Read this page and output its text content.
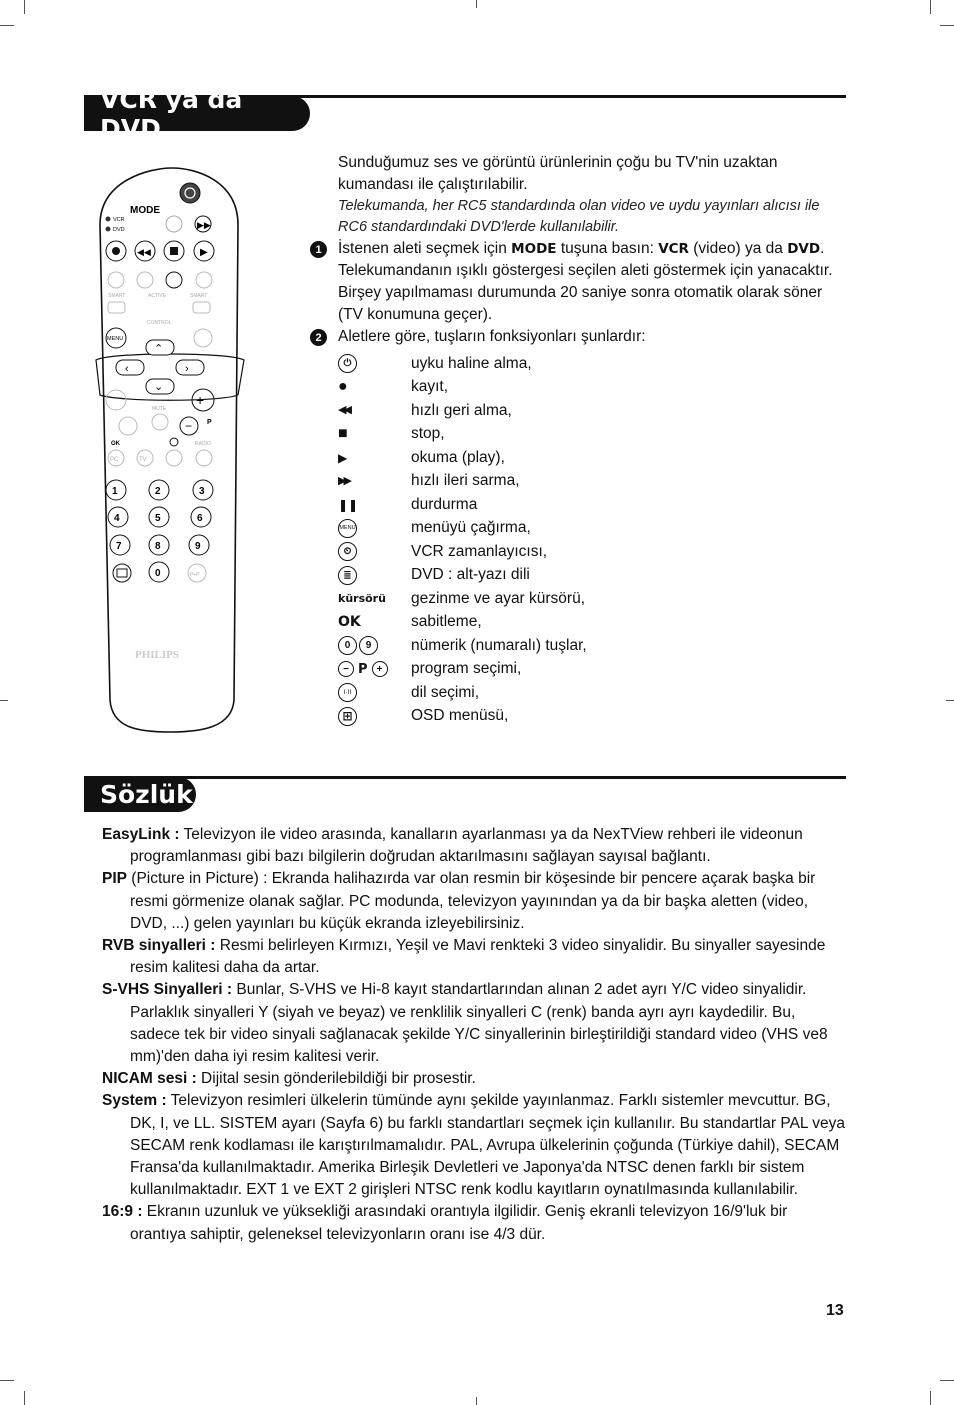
VCR ya da DVD
MODE
VCR
DVD	▶▶
◀◀	▶
SMART	ACTIVE	SMART
CONTROL
MENU
⌃
‹	›
⌄
+
MUTE
− P
OK	RADIO
PC	TV
1	2	3
4	5	6
7	8	9
0	P+P
PHILIPS

Sunduğumuz ses ve görüntü ürünlerinin çoğu bu TV'nin uzaktan kumandası ile çalıştırılabilir.

Telekumanda, her RC5 standardında olan video ve uydu yayınları alıcısı ile RC6 standardındaki DVD'lerde kullanılabilir.

1	İstenen aleti seçmek için MODE tuşuna basın: VCR (video) ya da DVD. Telekumandanın ışıklı göstergesi seçilen aleti göstermek için yanacaktır. Birşey yapılmaması durumunda 20 saniye sonra otomatik olarak söner (TV konumuna geçer).

2	Aletlere göre, tuşların fonksiyonları şunlardır:

⏻	uyku haline alma,
●	kayıt,
◀◀	hızlı geri alma,
■	stop,
▶	okuma (play),
▶▶	hızlı ileri sarma,
❚❚	durdurma
MENU	menüyü çağırma,
⏲	VCR zamanlayıcısı,
≣	DVD : alt-yazı dili
kürsörü gezinme ve ayar kürsörü,
OK	sabitleme,
0	9	nümerik (numaralı) tuşlar,
− P +	program seçimi,
I·II	dil seçimi,
⊞	OSD menüsü,
Sözlük

EasyLink : Televizyon ile video arasında, kanalların ayarlanması ya da NexTView rehberi ile videonun programlanması gibi bazı bilgilerin doğrudan aktarılmasını sağlayan sayısal bağlantı.

PIP (Picture in Picture) : Ekranda halihazırda var olan resmin bir köşesinde bir pencere açarak başka bir resmi görmenize olanak sağlar. PC modunda, televizyon yayınından ya da bir başka aletten (video, DVD, ...) gelen yayınları bu küçük ekranda izleyebilirsiniz.

RVB sinyalleri : Resmi belirleyen Kırmızı, Yeşil ve Mavi renkteki 3 video sinyalidir. Bu sinyaller sayesinde resim kalitesi daha da artar.

S-VHS Sinyalleri : Bunlar, S-VHS ve Hi-8 kayıt standartlarından alınan 2 adet ayrı Y/C video sinyalidir. Parlaklık sinyalleri Y (siyah ve beyaz) ve renklilik sinyalleri C (renk) banda ayrı ayrı kaydedilir. Bu, sadece tek bir video sinyali sağlanacak şekilde Y/C sinyallerinin birleştirildiği standard video (VHS ve8 mm)'den daha iyi resim kalitesi verir.

NICAM sesi : Dijital sesin gönderilebildiği bir prosestir.

System : Televizyon resimleri ülkelerin tümünde aynı şekilde yayınlanmaz. Farklı sistemler mevcuttur. BG, DK, I, ve LL. SISTEM ayarı (Sayfa 6) bu farklı standartları seçmek için kullanılır. Bu standartlar PAL veya SECAM renk kodlaması ile karıştırılmamalıdır. PAL, Avrupa ülkelerinin çoğunda (Türkiye dahil), SECAM Fransa'da kullanılmaktadır. Amerika Birleşik Devletleri ve Japonya'da NTSC denen farklı bir sistem kullanılmaktadır. EXT 1 ve EXT 2 girişleri NTSC renk kodlu kayıtların oynatılmasında kullanılabilir.

16:9 : Ekranın uzunluk ve yüksekliği arasındaki orantıyla ilgilidir. Geniş ekranli televizyon 16/9'luk bir orantıya sahiptir, geleneksel televizyonların oranı ise 4/3 dür.

13
